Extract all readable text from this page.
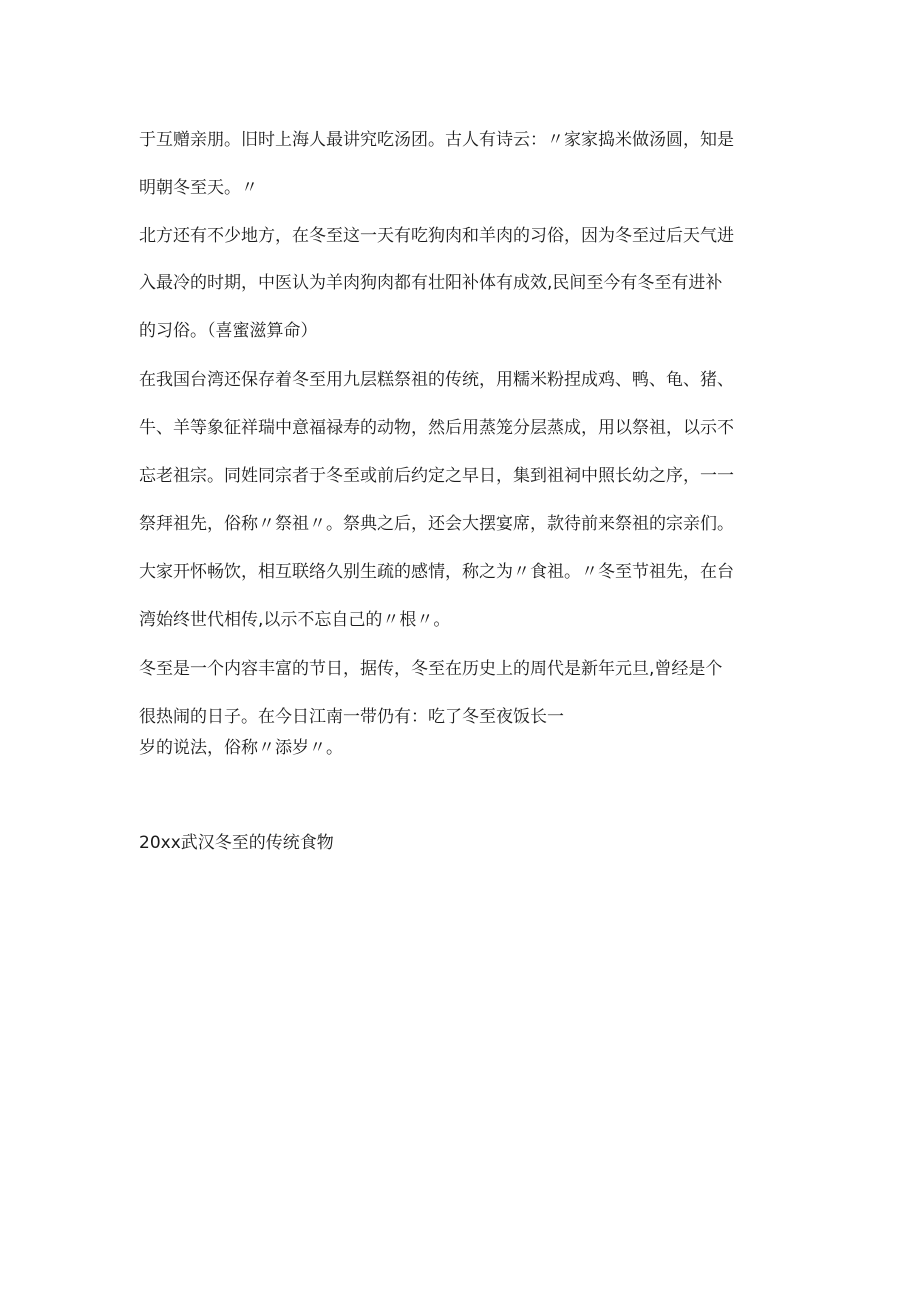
于互赠亲朋。旧时上海人最讲究吃汤团。古人有诗云：〃家家捣米做汤圆，知是
明朝冬至天。〃
北方还有不少地方，在冬至这一天有吃狗肉和羊肉的习俗，因为冬至过后天气进
入最冷的时期，中医认为羊肉狗肉都有壮阳补体有成效,民间至今有冬至有进补
的习俗。（喜蜜滋算命）
在我国台湾还保存着冬至用九层糕祭祖的传统，用糯米粉捏成鸡、鸭、龟、猪、
牛、羊等象征祥瑞中意福禄寿的动物，然后用蒸笼分层蒸成，用以祭祖，以示不
忘老祖宗。同姓同宗者于冬至或前后约定之早日，集到祖祠中照长幼之序，一一
祭拜祖先，俗称〃祭祖〃。祭典之后，还会大摆宴席，款待前来祭祖的宗亲们。
大家开怀畅饮，相互联络久别生疏的感情，称之为〃食祖。〃冬至节祖先，在台
湾始终世代相传,以示不忘自己的〃根〃。
冬至是一个内容丰富的节日，据传，冬至在历史上的周代是新年元旦,曾经是个
很热闹的日子。在今日江南一带仍有：吃了冬至夜饭长一
岁的说法，俗称〃添岁〃。
20xx武汉冬至的传统食物
